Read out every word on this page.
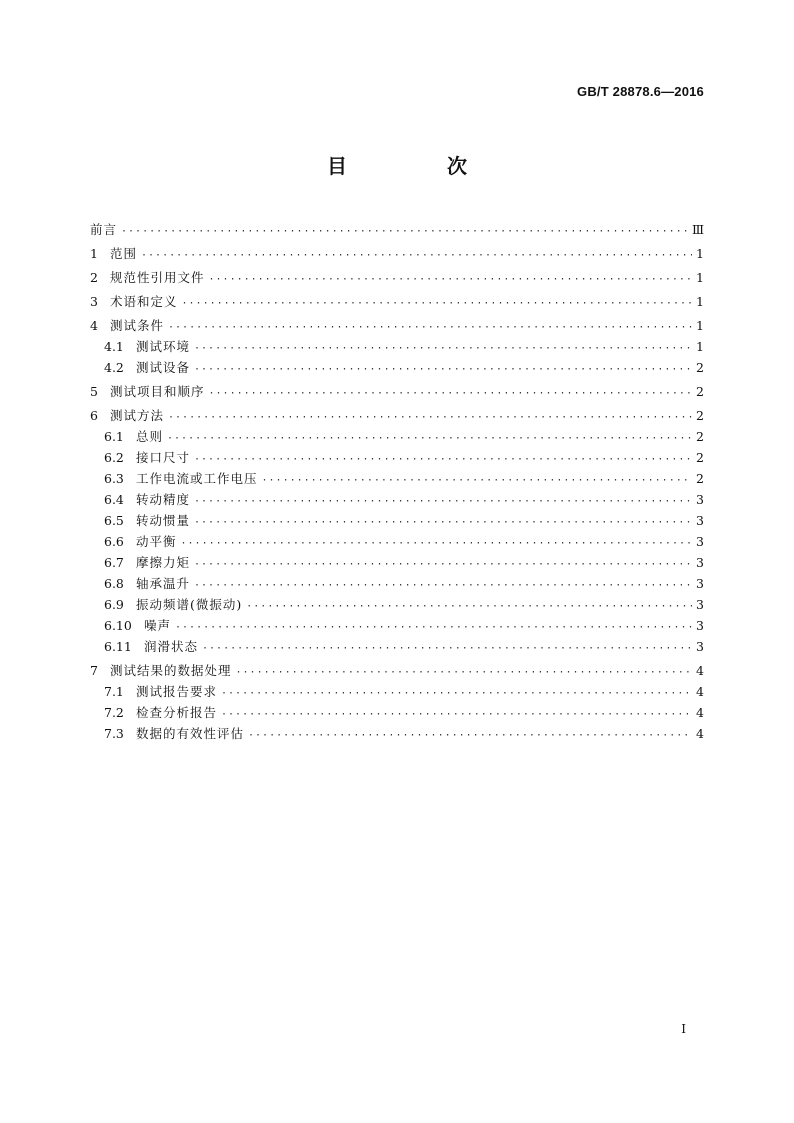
GB/T 28878.6—2016
目　次
前言 ·····	Ⅲ
1 范围 ·····	1
2 规范性引用文件 ·····	1
3 术语和定义 ·····	1
4 测试条件 ·····	1
4.1 测试环境 ·····	1
4.2 测试设备 ·····	2
5 测试项目和顺序 ·····	2
6 测试方法 ·····	2
6.1 总则 ·····	2
6.2 接口尺寸 ·····	2
6.3 工作电流或工作电压 ·····	2
6.4 转动精度 ·····	3
6.5 转动惯量 ·····	3
6.6 动平衡 ·····	3
6.7 摩擦力矩 ·····	3
6.8 轴承温升 ·····	3
6.9 振动频谱(微振动) ·····	3
6.10 噪声 ·····	3
6.11 润滑状态 ·····	3
7 测试结果的数据处理 ·····	4
7.1 测试报告要求 ·····	4
7.2 检查分析报告 ·····	4
7.3 数据的有效性评估 ·····	4
I
